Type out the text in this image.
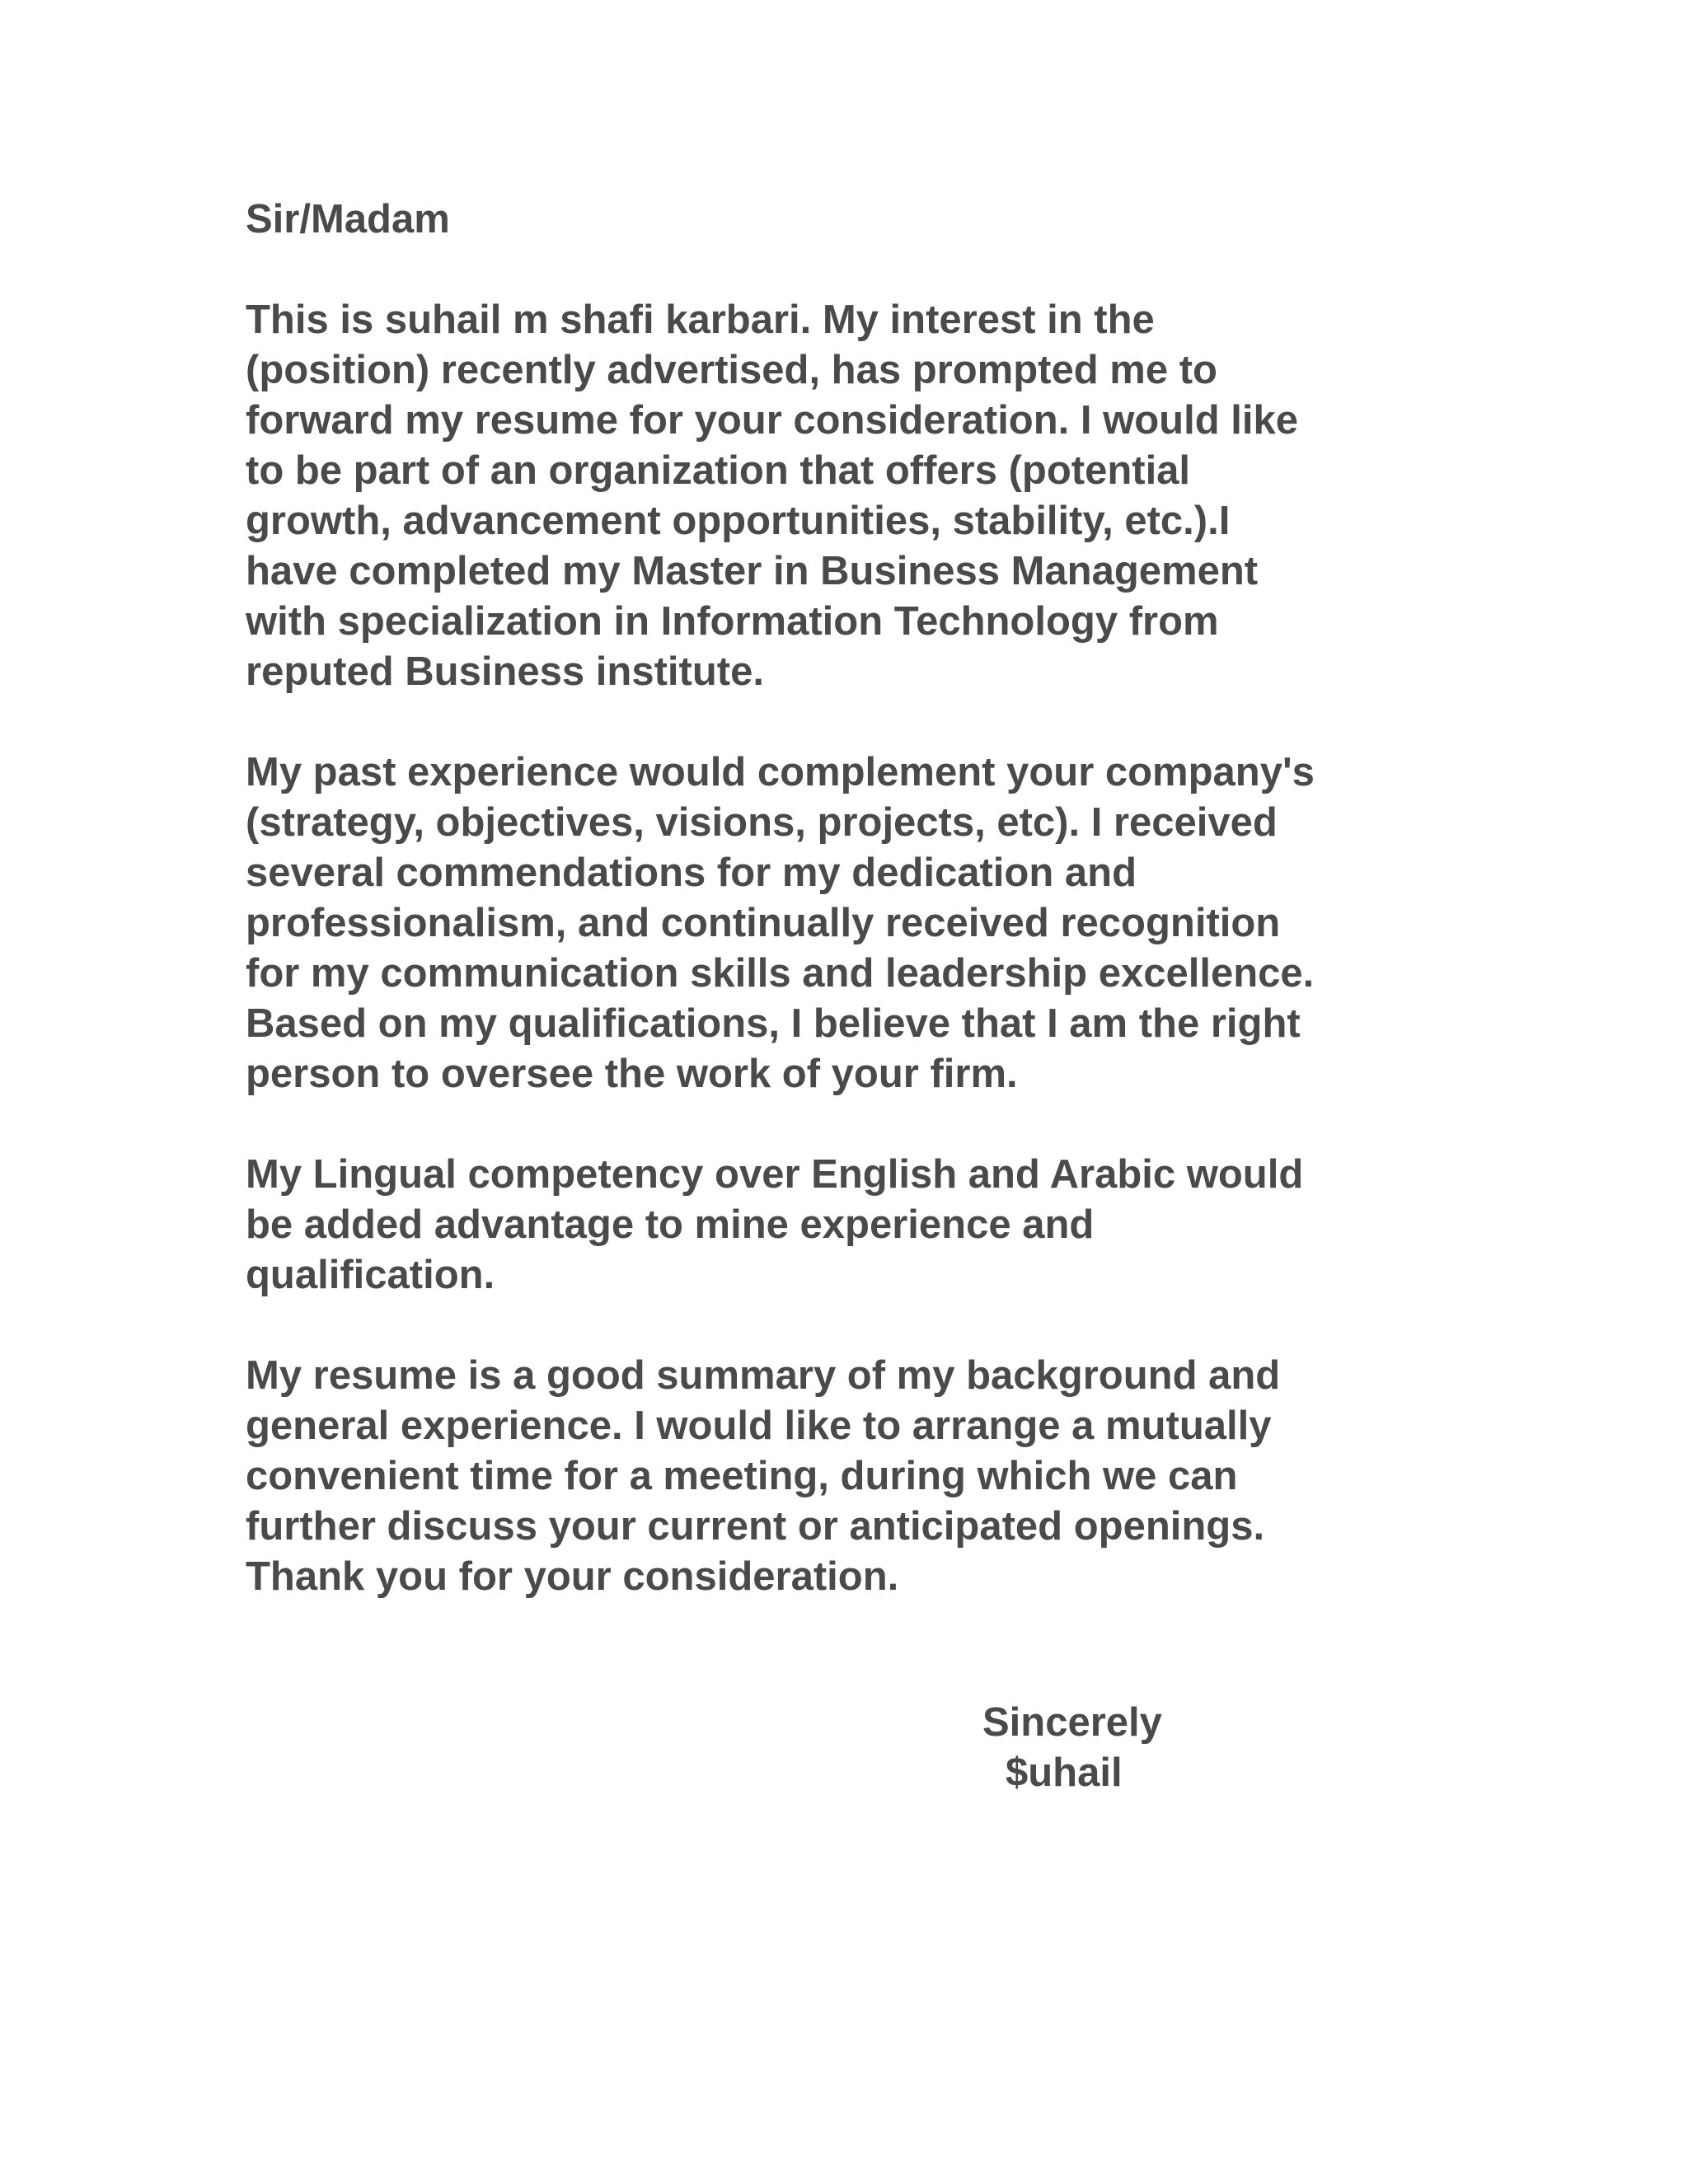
Sir/Madam

This is suhail m shafi karbari. My interest in the
(position) recently advertised, has prompted me to
forward my resume for your consideration. I would like
to be part of an organization that offers (potential
growth, advancement opportunities, stability, etc.).I
have completed my Master in Business Management
with specialization in Information Technology from
reputed Business institute.

My past experience would complement your company's
(strategy, objectives, visions, projects, etc). I received
several commendations for my dedication and
professionalism, and continually received recognition
for my communication skills and leadership excellence.
Based on my qualifications, I believe that I am the right
person to oversee the work of your firm.

My Lingual competency over English and Arabic would
be added advantage to mine experience and
qualification.

My resume is a good summary of my background and
general experience. I would like to arrange a mutually
convenient time for a meeting, during which we can
further discuss your current or anticipated openings.
Thank you for your consideration.

Sincerely
$uhail
